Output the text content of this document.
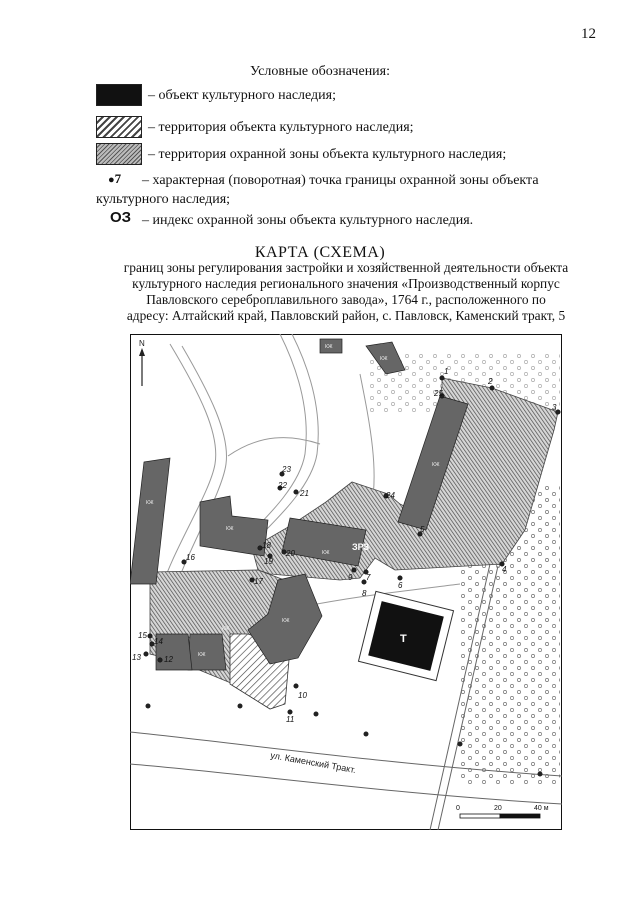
12
Условные обозначения:
– объект культурного наследия;
– территория объекта культурного наследия;
– территория охранной зоны объекта культурного наследия;
●7 – характерная (поворотная) точка границы охранной зоны объекта
культурного наследия;
ОЗ – индекс охранной зоны объекта культурного наследия.
КАРТА (СХЕМА)
границ зоны регулирования застройки и хозяйственной деятельности объекта
культурного наследия регионального значения «Производственный корпус
Павловского сереброплавильного завода», 1764 г., расположенного по
адресу: Алтайский край, Павловский район, с. Павловск, Каменский тракт, 5
ул. Каменский Тракт.
КЖ
КЖ
КЖ
КЖ
КЖ
КЖ
КЖ
КЖ
КЖ
Т
ЗРЗ
N
1
2
3
4
5
6
7
8
9
10
11
12
13
14
15
16
17
18
19
20
21
22
23
24
25
0	20	40 м
